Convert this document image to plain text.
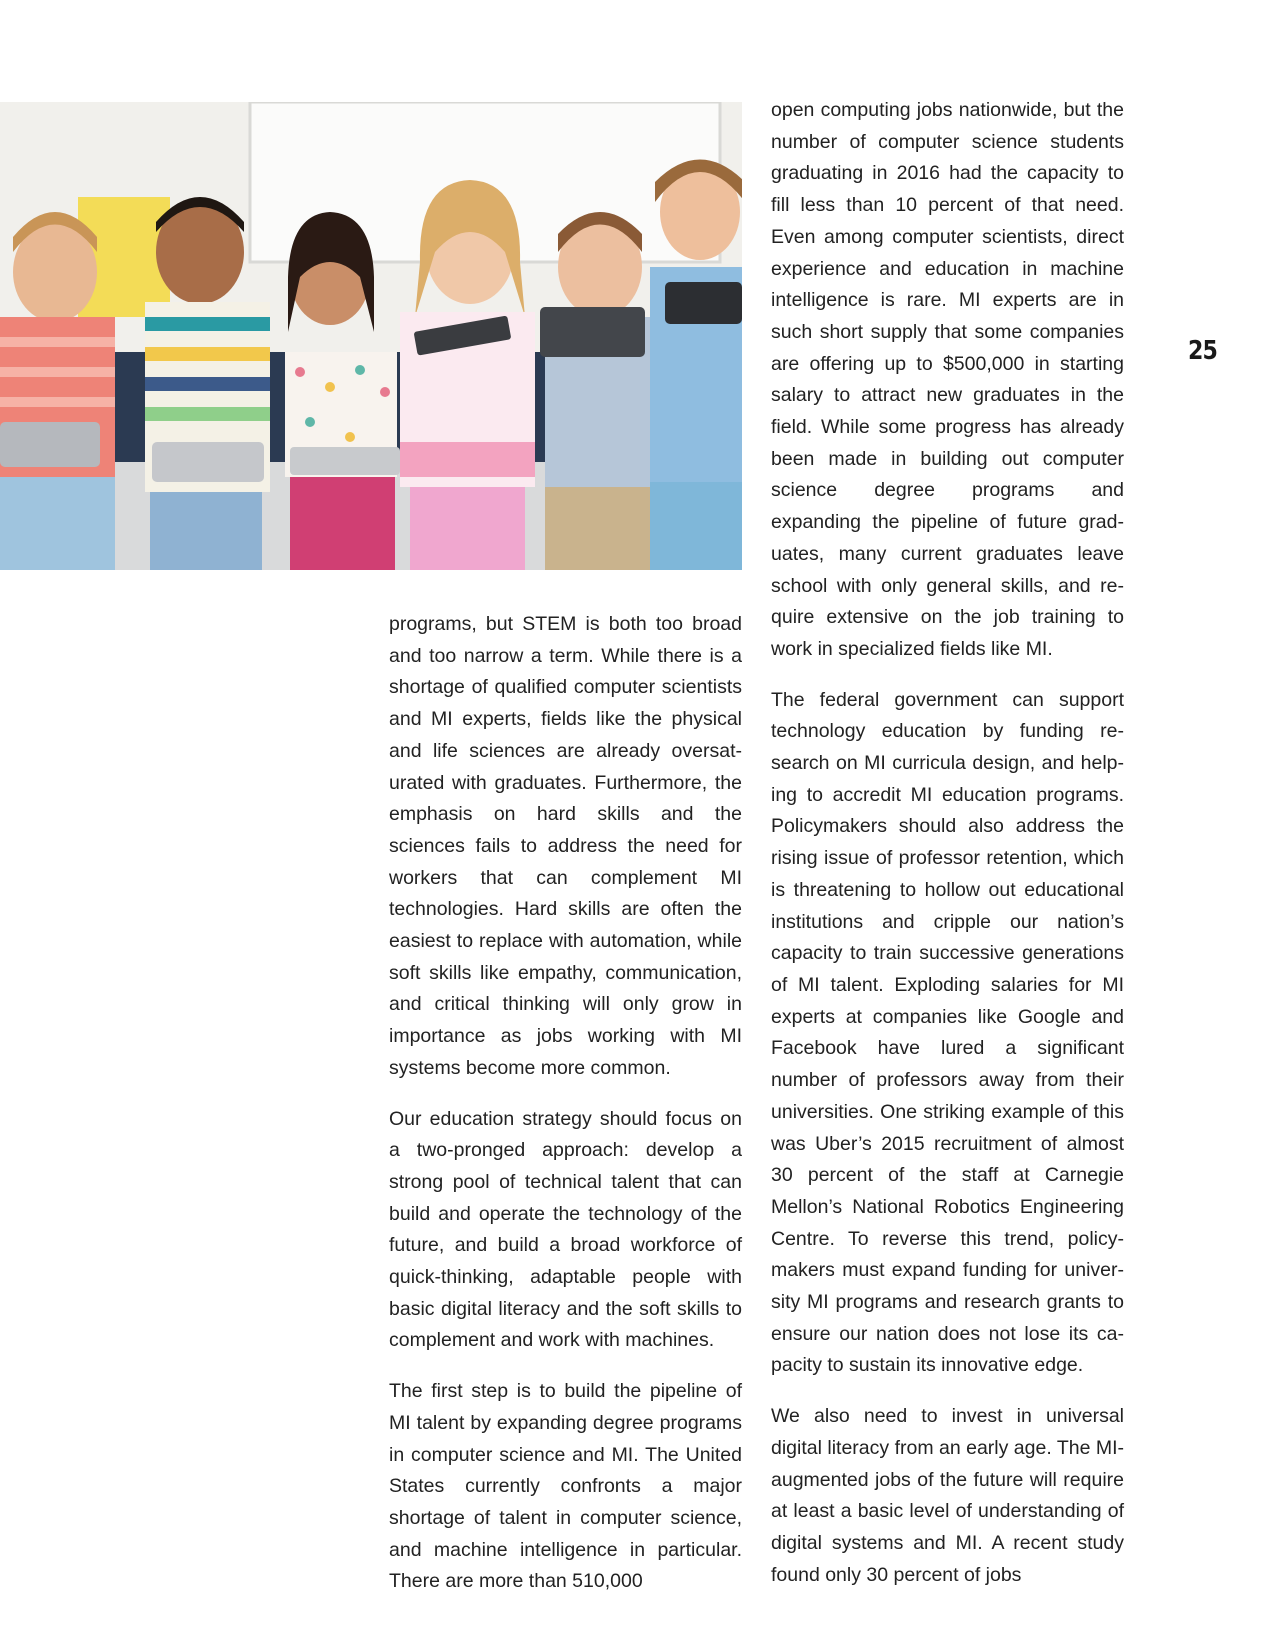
programs, but STEM is both too broad and too narrow a term. While there is a shortage of qualified computer scientists and MI experts, fields like the physical and life sciences are already oversaturated with graduates. Furthermore, the emphasis on hard skills and the sciences fails to address the need for workers that can complement MI technologies. Hard skills are often the easiest to replace with automation, while soft skills like empathy, communication, and critical thinking will only grow in importance as jobs working with MI systems become more common.

Our education strategy should focus on a two-pronged approach: develop a strong pool of technical talent that can build and operate the technology of the future, and build a broad workforce of quick-thinking, adaptable people with basic digital literacy and the soft skills to complement and work with machines.

The first step is to build the pipeline of MI talent by expanding degree programs in computer science and MI. The United States currently confronts a major shortage of talent in computer science, and machine intelligence in particular. There are more than 510,000

open computing jobs nationwide, but the number of computer science students graduating in 2016 had the capacity to fill less than 10 percent of that need. Even among computer scientists, direct experience and education in machine intelligence is rare. MI experts are in such short supply that some companies are offering up to $500,000 in starting salary to attract new graduates in the field. While some progress has already been made in building out computer science degree programs and expanding the pipeline of future graduates, many current graduates leave school with only general skills, and require extensive on the job training to work in specialized fields like MI.

The federal government can support technology education by funding research on MI curricula design, and helping to accredit MI education programs. Policymakers should also address the rising issue of professor retention, which is threatening to hollow out educational institutions and cripple our nation’s capacity to train successive generations of MI talent. Exploding salaries for MI experts at companies like Google and Facebook have lured a significant number of professors away from their universities. One striking example of this was Uber’s 2015 recruitment of almost 30 percent of the staff at Carnegie Mellon’s National Robotics Engineering Centre. To reverse this trend, policymakers must expand funding for university MI programs and research grants to ensure our nation does not lose its capacity to sustain its innovative edge.

We also need to invest in universal digital literacy from an early age. The MI-augmented jobs of the future will require at least a basic level of understanding of digital systems and MI. A recent study found only 30 percent of jobs

25
